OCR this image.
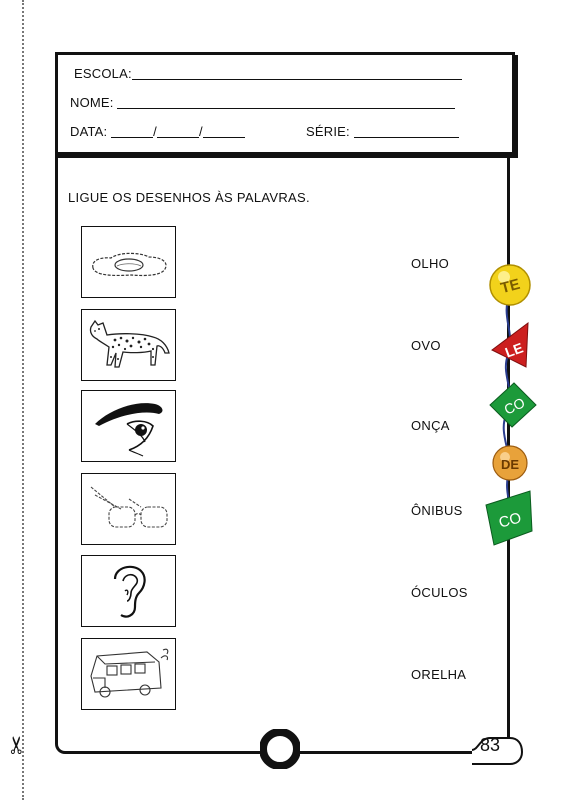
✂
ESCOLA:
NOME:
DATA:	/	/	SÉRIE:
LIGUE OS DESENHOS ÀS PALAVRAS.
OLHO
OVO
ONÇA
ÔNIBUS
ÓCULOS
ORELHA
TE
LE
CO
DE
CO
83
